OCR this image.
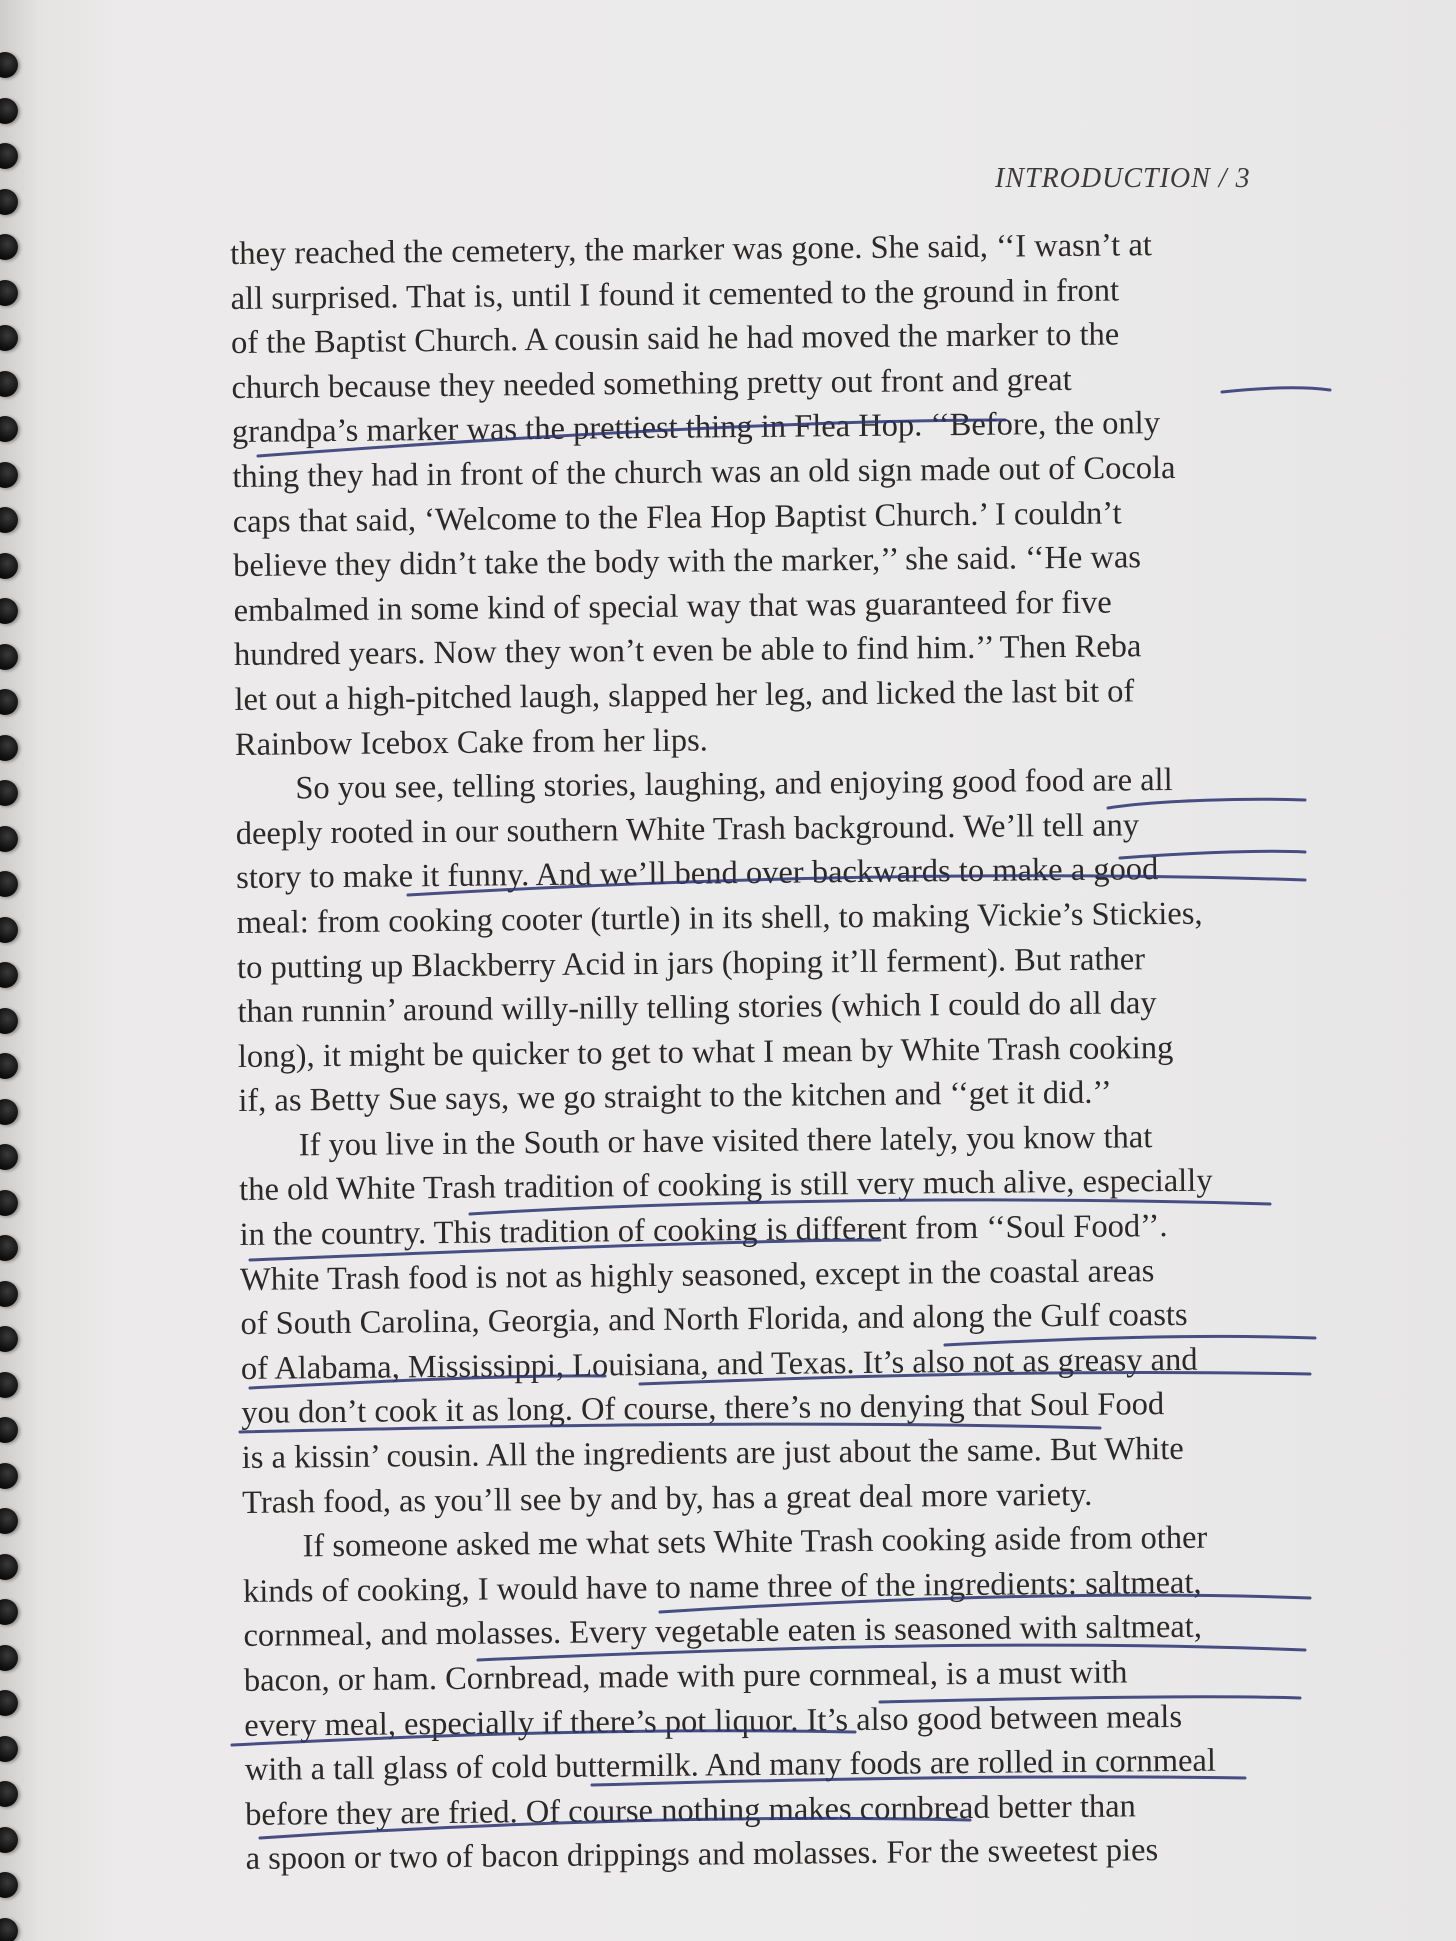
INTRODUCTION / 3
they reached the cemetery, the marker was gone. She said, ‘‘I wasn’t at
all surprised. That is, until I found it cemented to the ground in front
of the Baptist Church. A cousin said he had moved the marker to the
church because they needed something pretty out front and great
grandpa’s marker was the prettiest thing in Flea Hop. ‘‘Before, the only
thing they had in front of the church was an old sign made out of Cocola
caps that said, ‘Welcome to the Flea Hop Baptist Church.’ I couldn’t
believe they didn’t take the body with the marker,’’ she said. ‘‘He was
embalmed in some kind of special way that was guaranteed for five
hundred years. Now they won’t even be able to find him.’’ Then Reba
let out a high-pitched laugh, slapped her leg, and licked the last bit of
Rainbow Icebox Cake from her lips.
So you see, telling stories, laughing, and enjoying good food are all
deeply rooted in our southern White Trash background. We’ll tell any
story to make it funny. And we’ll bend over backwards to make a good
meal: from cooking cooter (turtle) in its shell, to making Vickie’s Stickies,
to putting up Blackberry Acid in jars (hoping it’ll ferment). But rather
than runnin’ around willy-nilly telling stories (which I could do all day
long), it might be quicker to get to what I mean by White Trash cooking
if, as Betty Sue says, we go straight to the kitchen and ‘‘get it did.’’
If you live in the South or have visited there lately, you know that
the old White Trash tradition of cooking is still very much alive, especially
in the country. This tradition of cooking is different from ‘‘Soul Food’’.
White Trash food is not as highly seasoned, except in the coastal areas
of South Carolina, Georgia, and North Florida, and along the Gulf coasts
of Alabama, Mississippi, Louisiana, and Texas. It’s also not as greasy and
you don’t cook it as long. Of course, there’s no denying that Soul Food
is a kissin’ cousin. All the ingredients are just about the same. But White
Trash food, as you’ll see by and by, has a great deal more variety.
If someone asked me what sets White Trash cooking aside from other
kinds of cooking, I would have to name three of the ingredients: saltmeat,
cornmeal, and molasses. Every vegetable eaten is seasoned with saltmeat,
bacon, or ham. Cornbread, made with pure cornmeal, is a must with
every meal, especially if there’s pot liquor. It’s also good between meals
with a tall glass of cold buttermilk. And many foods are rolled in cornmeal
before they are fried. Of course nothing makes cornbread better than
a spoon or two of bacon drippings and molasses. For the sweetest pies
